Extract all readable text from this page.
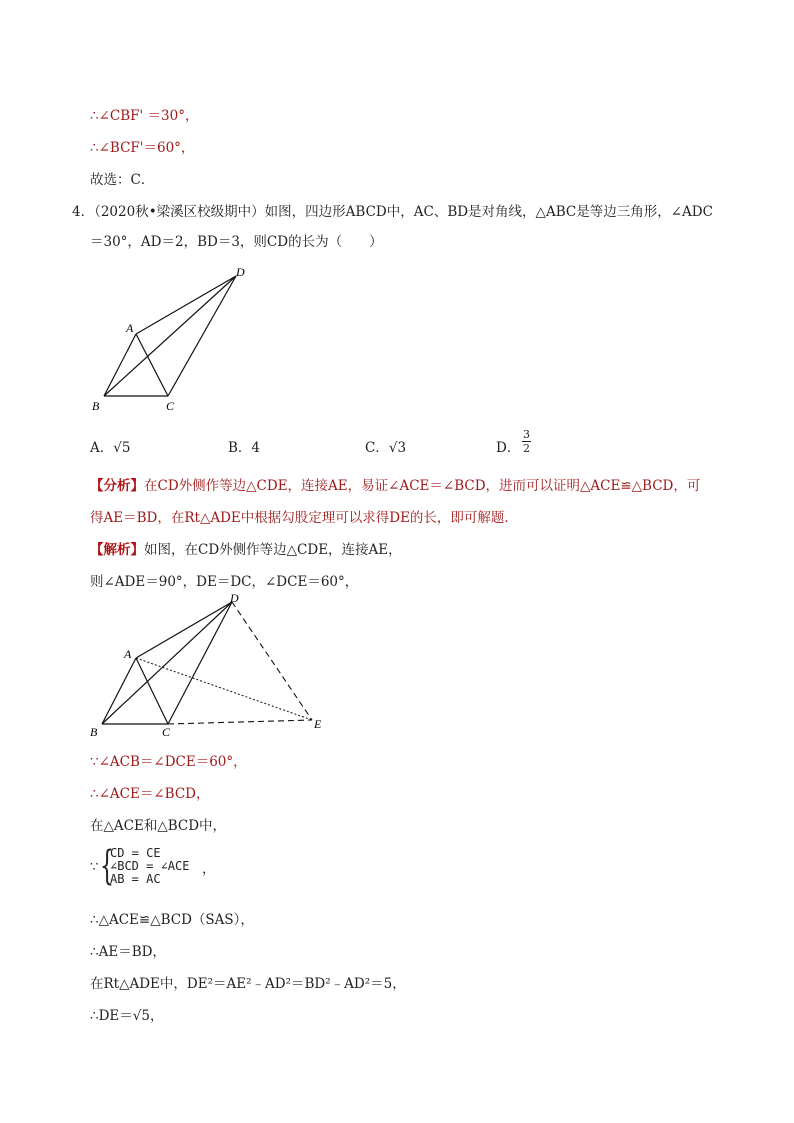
∴∠CBF' ＝30°，
∴∠BCF'＝60°，
故选：C．
4．（2020秋•梁溪区校级期中）如图，四边形ABCD中，AC、BD是对角线，△ABC是等边三角形，∠ADC
＝30°，AD＝2，BD＝3，则CD的长为（　　）
A
B	C
D
A．√5	B．4	C．√3	D．
3
2
【分析】在CD外侧作等边△CDE，连接AE，易证∠ACE＝∠BCD，进而可以证明△ACE≌△BCD，可
得AE＝BD，在Rt△ADE中根据勾股定理可以求得DE的长，即可解题．
【解析】如图，在CD外侧作等边△CDE，连接AE，
则∠ADE＝90°，DE＝DC，∠DCE＝60°，
A
B	C
D
E
∵∠ACB＝∠DCE＝60°，
∴∠ACE＝∠BCD，
在△ACE和△BCD中，
∵ {
CD = CE
∠BCD = ∠ACE
AB = AC
，
∴△ACE≌△BCD（SAS），
∴AE＝BD，
在Rt△ADE中，DE²＝AE²﹣AD²＝BD²﹣AD²＝5，
∴DE＝√5，
